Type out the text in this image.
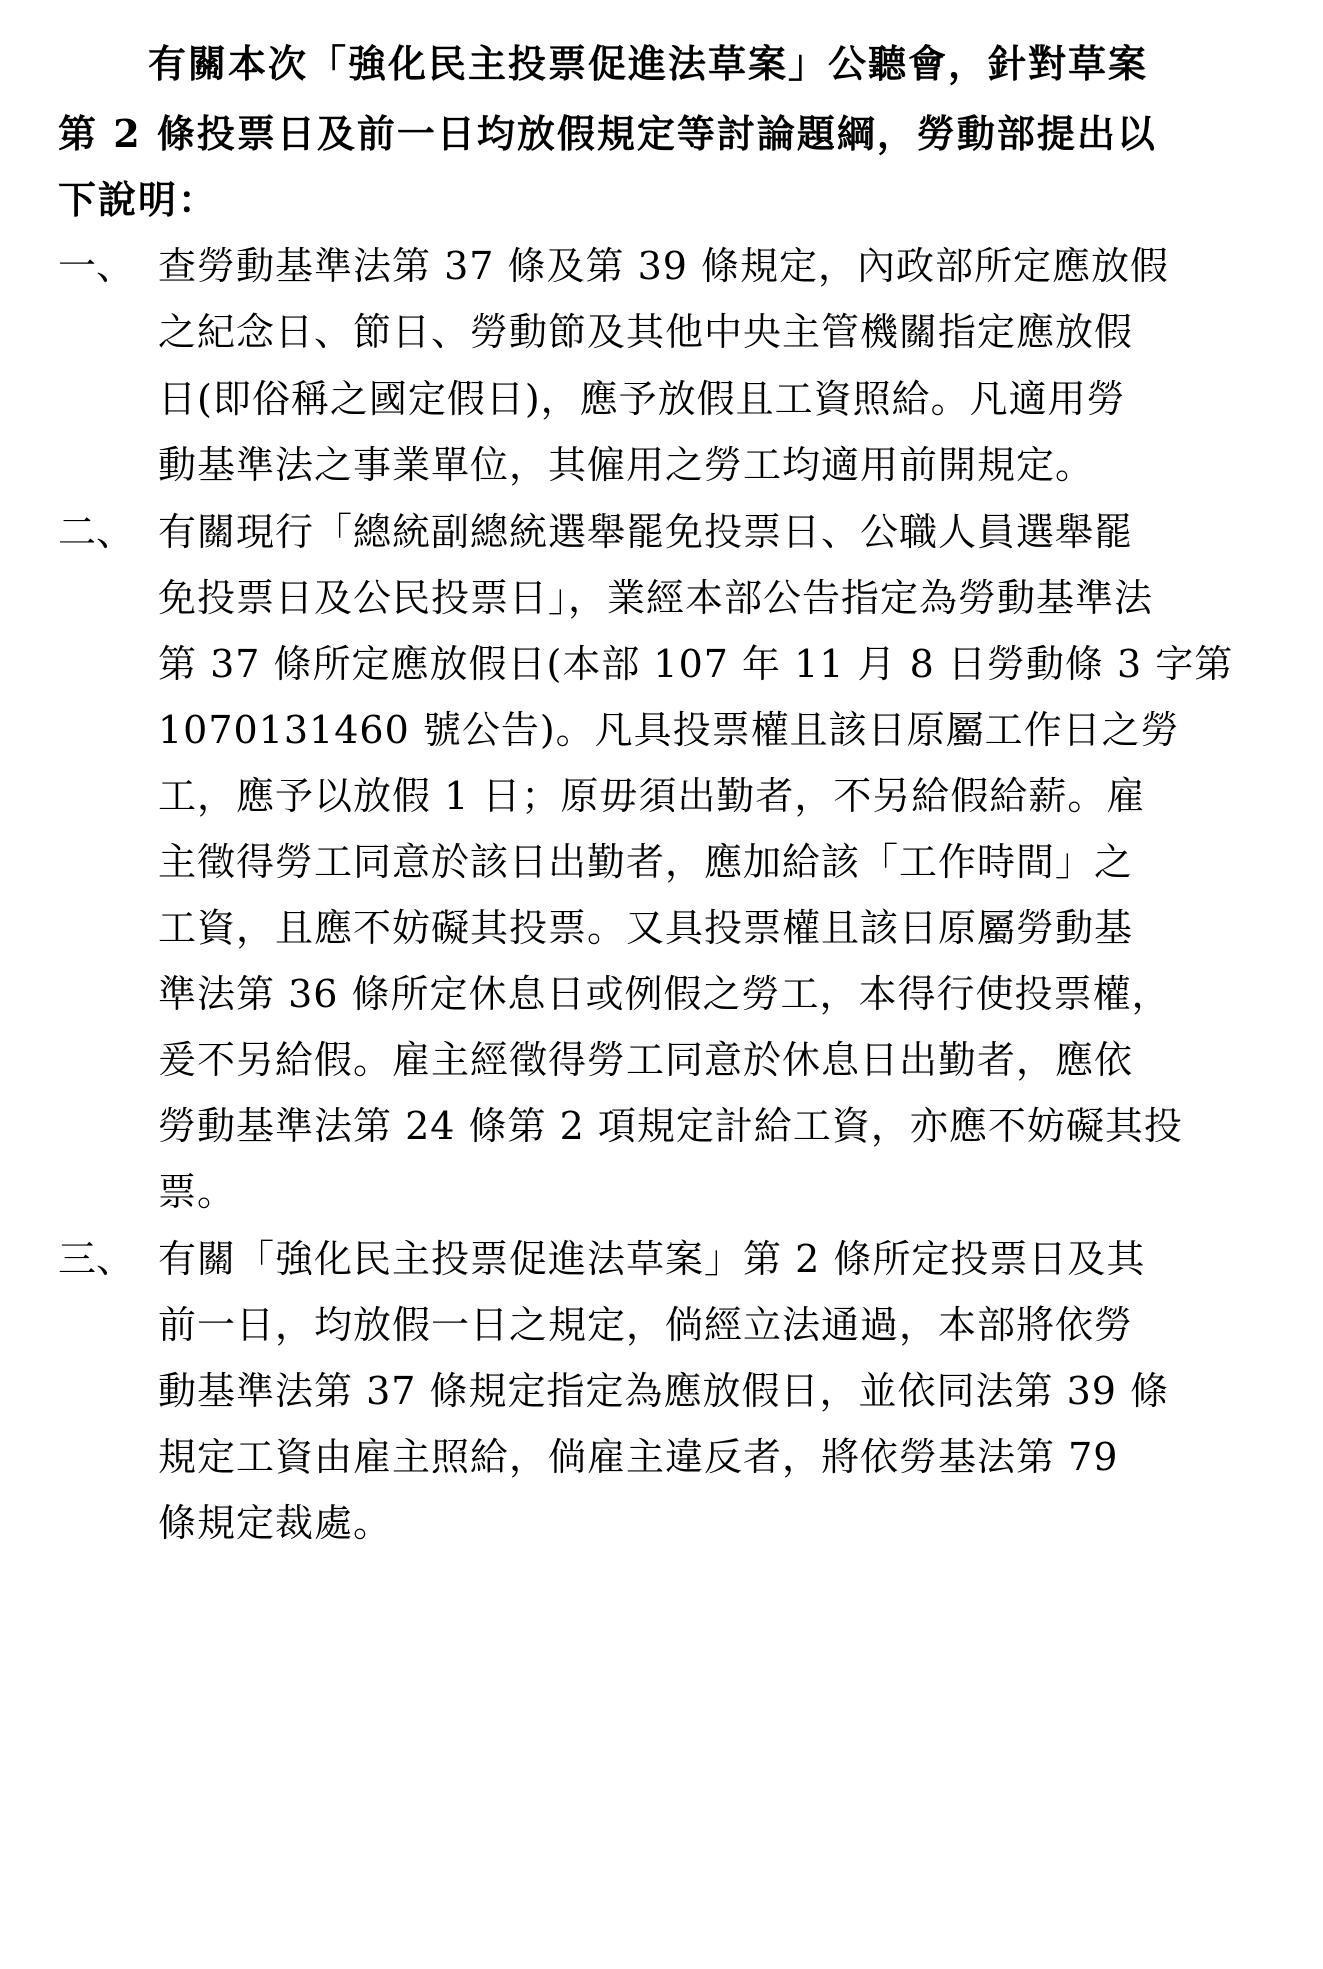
有關本次「強化民主投票促進法草案」公聽會，針對草案
第 2 條投票日及前一日均放假規定等討論題綱，勞動部提出以
下說明：
一、 查勞動基準法第 37 條及第 39 條規定，內政部所定應放假
之紀念日、節日、勞動節及其他中央主管機關指定應放假
日(即俗稱之國定假日)，應予放假且工資照給。凡適用勞
動基準法之事業單位，其僱用之勞工均適用前開規定。
二、 有關現行「總統副總統選舉罷免投票日、公職人員選舉罷
免投票日及公民投票日」，業經本部公告指定為勞動基準法
第 37 條所定應放假日(本部 107 年 11 月 8 日勞動條 3 字第
1070131460 號公告)。凡具投票權且該日原屬工作日之勞
工，應予以放假 1 日；原毋須出勤者，不另給假給薪。雇
主徵得勞工同意於該日出勤者，應加給該「工作時間」之
工資，且應不妨礙其投票。又具投票權且該日原屬勞動基
準法第 36 條所定休息日或例假之勞工，本得行使投票權，
爰不另給假。雇主經徵得勞工同意於休息日出勤者，應依
勞動基準法第 24 條第 2 項規定計給工資，亦應不妨礙其投
票。
三、 有關「強化民主投票促進法草案」第 2 條所定投票日及其
前一日，均放假一日之規定，倘經立法通過，本部將依勞
動基準法第 37 條規定指定為應放假日，並依同法第 39 條
規定工資由雇主照給，倘雇主違反者，將依勞基法第 79
條規定裁處。
